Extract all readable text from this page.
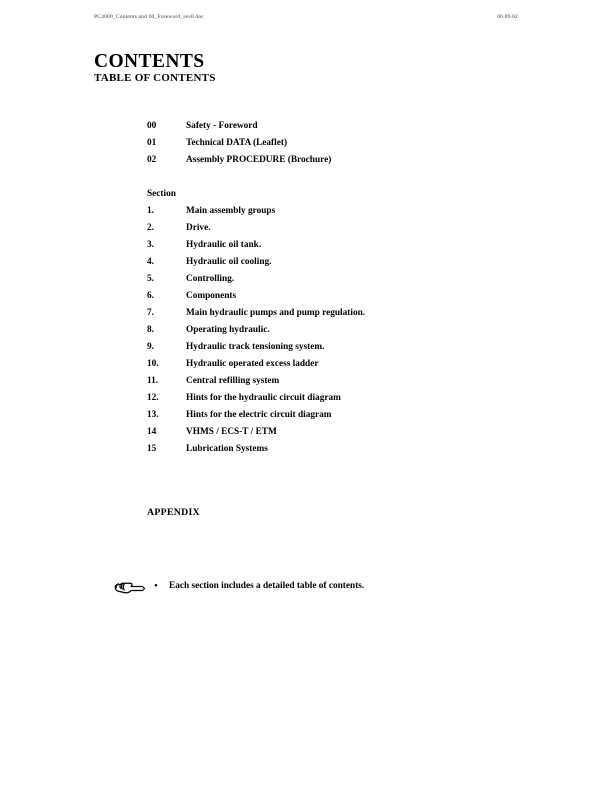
PC4000_Contents and 00_Foreword_rev0.doc	06.09.02
CONTENTS
TABLE OF CONTENTS
00	Safety - Foreword
01	Technical DATA (Leaflet)
02	Assembly PROCEDURE (Brochure)
Section
1.	Main assembly groups
2.	Drive.
3.	Hydraulic oil tank.
4.	Hydraulic oil cooling.
5.	Controlling.
6.	Components
7.	Main hydraulic pumps and pump regulation.
8.	Operating hydraulic.
9.	Hydraulic track tensioning system.
10.	Hydraulic operated excess ladder
11.	Central refilling system
12.	Hints for the hydraulic circuit diagram
13.	Hints for the electric circuit diagram
14	VHMS / ECS-T / ETM
15	Lubrication Systems
APPENDIX
•	Each section includes a detailed table of contents.
